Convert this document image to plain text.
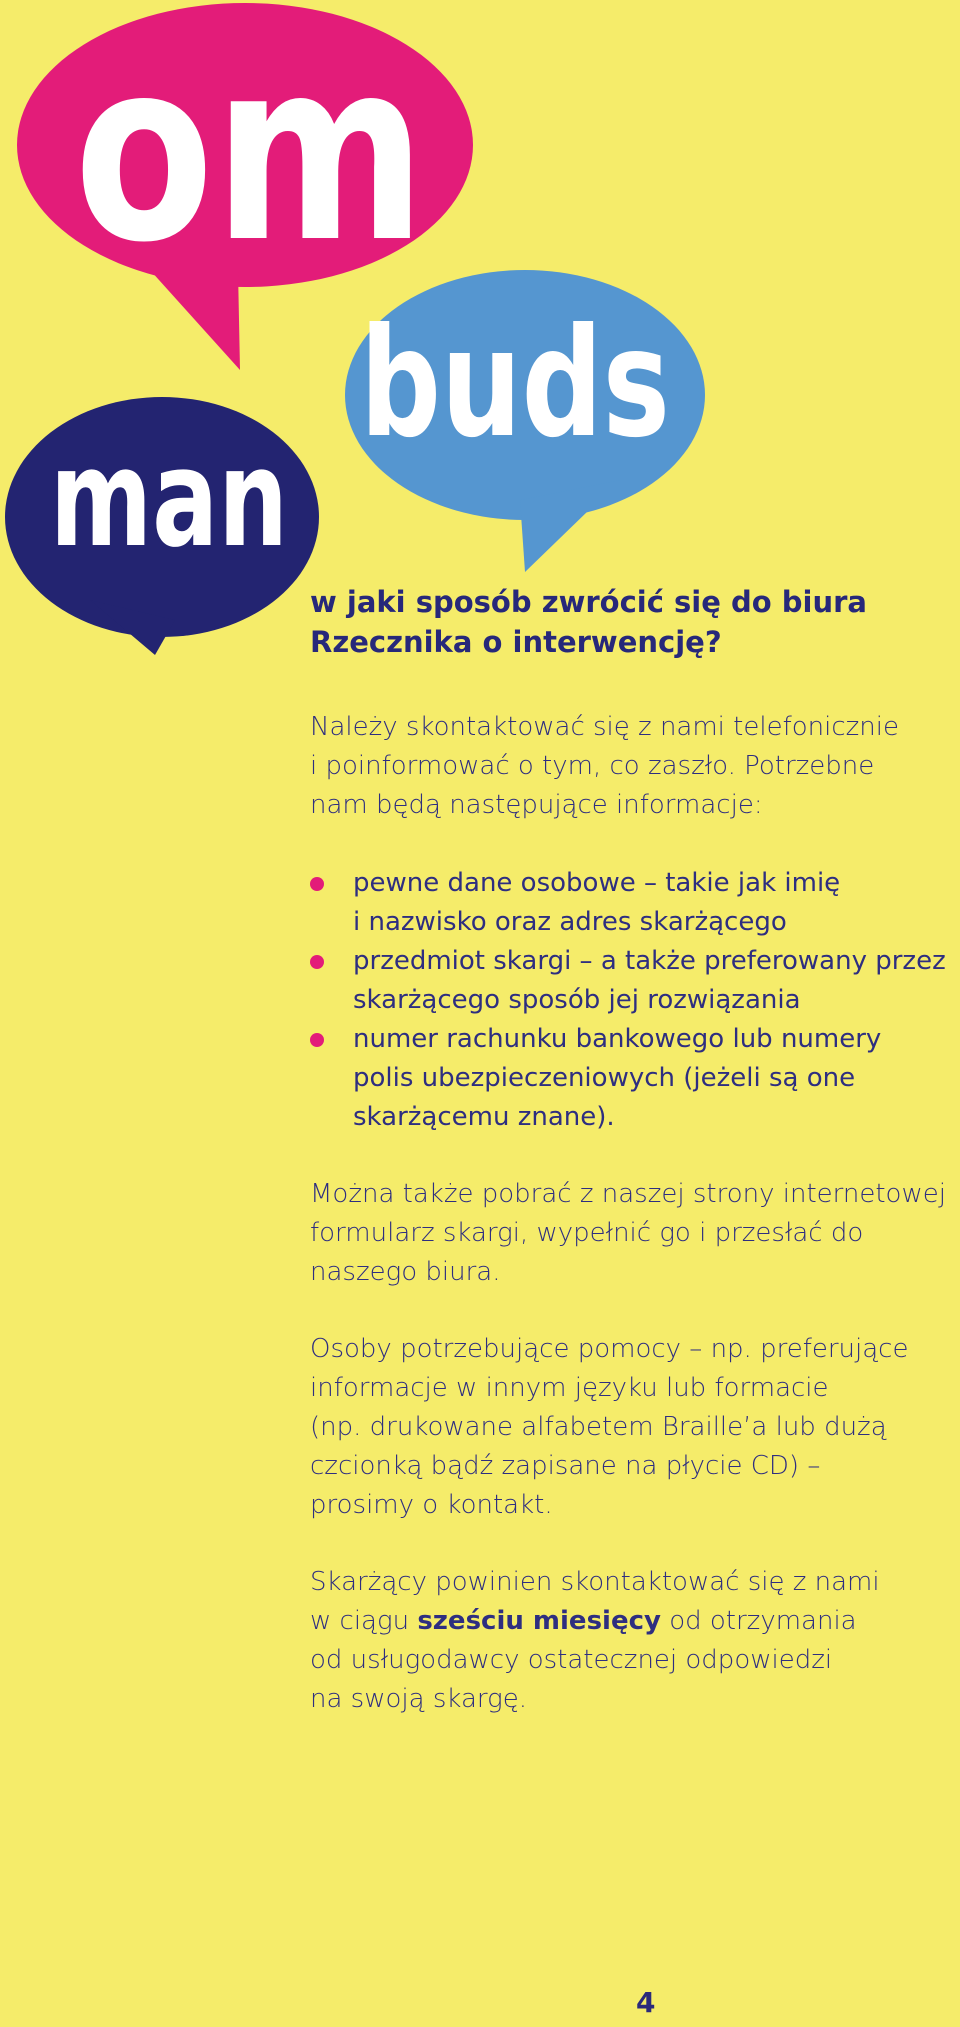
om
buds
man
w jaki sposób zwrócić się do biura
Rzecznika o interwencję?

Należy skontaktować się z nami telefonicznie
i poinformować o tym, co zaszło. Potrzebne
nam będą następujące informacje:

pewne dane osobowe – takie jak imię
i nazwisko oraz adres skarżącego
przedmiot skargi – a także preferowany przez
skarżącego sposób jej rozwiązania
numer rachunku bankowego lub numery
polis ubezpieczeniowych (jeżeli są one
skarżącemu znane).

Można także pobrać z naszej strony internetowej
formularz skargi, wypełnić go i przesłać do
naszego biura.

Osoby potrzebujące pomocy – np. preferujące
informacje w innym języku lub formacie
(np. drukowane alfabetem Braille’a lub dużą
czcionką bądź zapisane na płycie CD) –
prosimy o kontakt.

Skarżący powinien skontaktować się z nami
w ciągu sześciu miesięcy od otrzymania
od usługodawcy ostatecznej odpowiedzi
na swoją skargę.

4
